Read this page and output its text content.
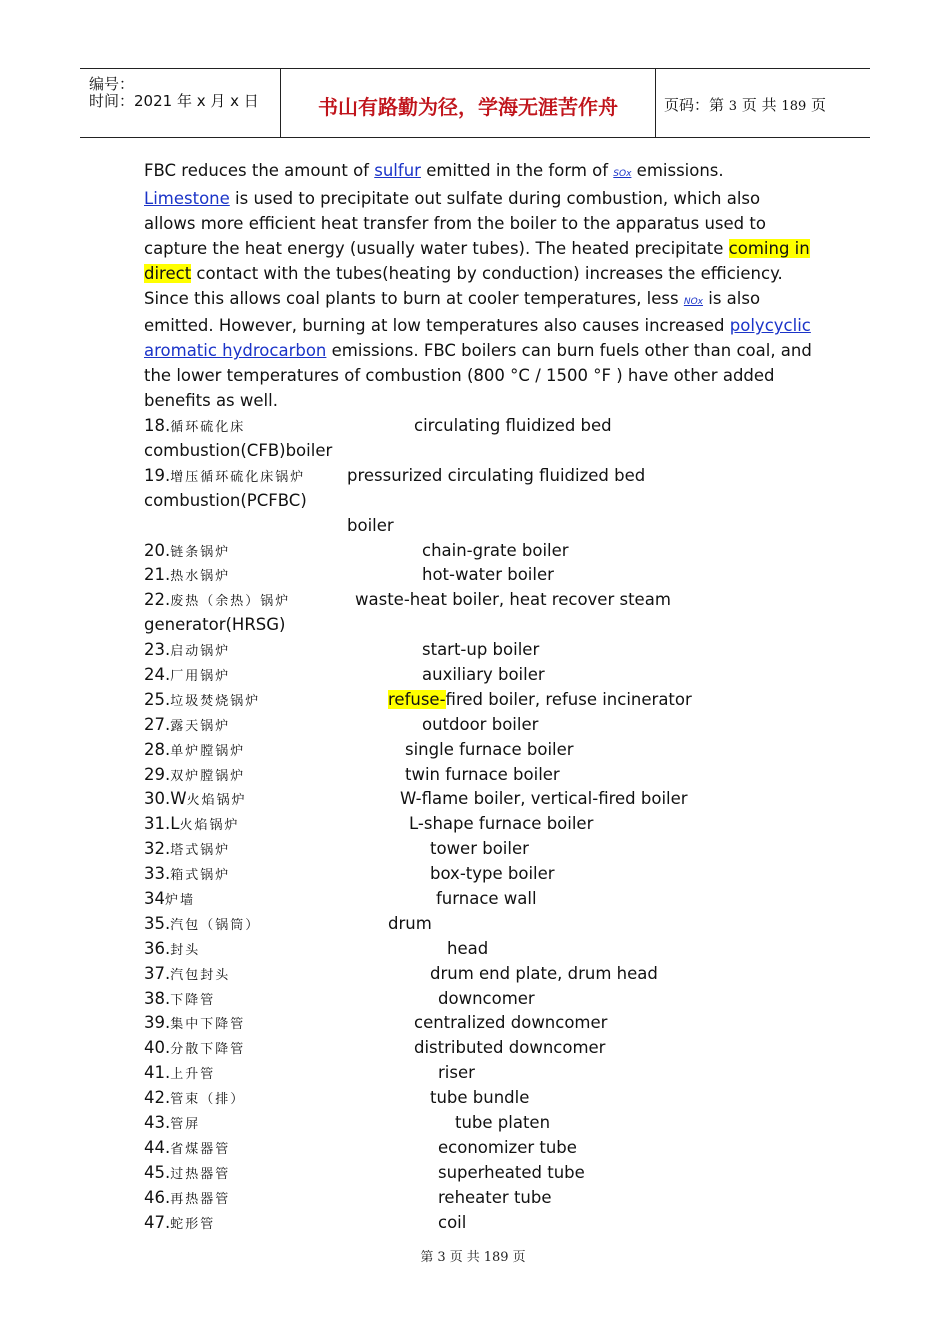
编号：
时间：2021 年 x 月 x 日	书山有路勤为径，学海无涯苦作舟	页码：第 3 页 共 189 页

FBC reduces the amount of sulfur emitted in the form of SOx emissions. Limestone is used to precipitate out sulfate during combustion, which also allows more efficient heat transfer from the boiler to the apparatus used to capture the heat energy (usually water tubes). The heated precipitate coming in direct contact with the tubes(heating by conduction) increases the efficiency. Since this allows coal plants to burn at cooler temperatures, less NOx is also emitted. However, burning at low temperatures also causes increased polycyclic aromatic hydrocarbon emissions. FBC boilers can burn fuels other than coal, and the lower temperatures of combustion (800 °C / 1500 °F ) have other added benefits as well.

18.循环硫化床	circulating fluidized bed
combustion(CFB)boiler
19.增压循环硫化床锅炉	pressurized circulating fluidized bed
combustion(PCFBC)
boiler
20.链条锅炉	chain-grate boiler
21.热水锅炉	hot-water boiler
22.废热（余热）锅炉	waste-heat boiler, heat recover steam
generator(HRSG)
23.启动锅炉	start-up boiler
24.厂用锅炉	auxiliary boiler
25.垃圾焚烧锅炉	refuse-fired boiler, refuse incinerator
27.露天锅炉	outdoor boiler
28.单炉膛锅炉	single furnace boiler
29.双炉膛锅炉	twin furnace boiler
30.W火焰锅炉	W-flame boiler, vertical-fired boiler
31.L火焰锅炉	L-shape furnace boiler
32.塔式锅炉	tower boiler
33.箱式锅炉	box-type boiler
34炉墙	furnace wall
35.汽包（锅筒）	drum
36.封头	head
37.汽包封头	drum end plate, drum head
38.下降管	downcomer
39.集中下降管	centralized downcomer
40.分散下降管	distributed downcomer
41.上升管	riser
42.管束（排）	tube bundle
43.管屏	tube platen
44.省煤器管	economizer tube
45.过热器管	superheated tube
46.再热器管	reheater tube
47.蛇形管	coil
第 3 页 共 189 页
